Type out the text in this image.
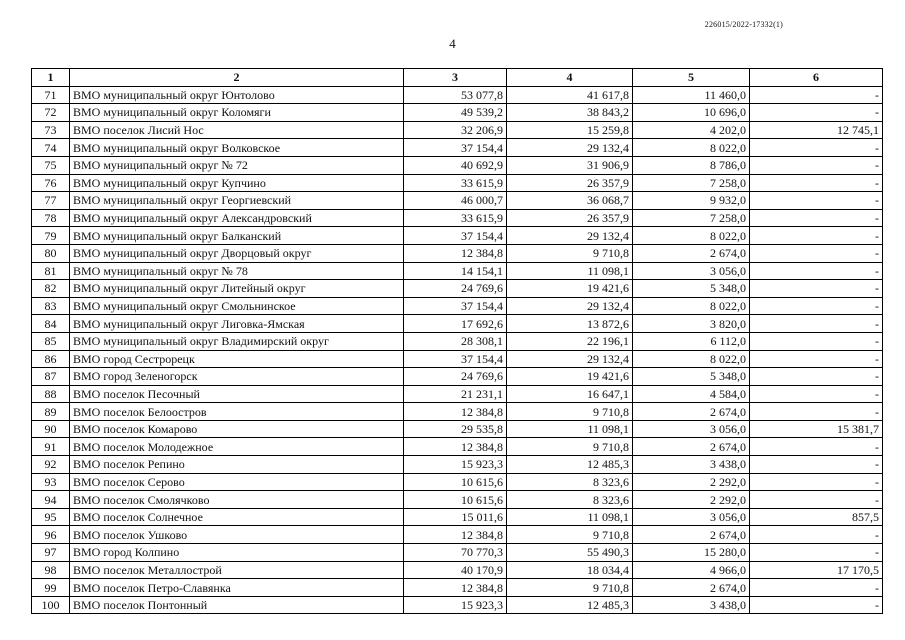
226015/2022-17332(1)
4
1	2	3	4	5	6
71	ВМО муниципальный округ Юнтолово	53 077,8	41 617,8	11 460,0	-
72	ВМО муниципальный округ Коломяги	49 539,2	38 843,2	10 696,0	-
73	ВМО поселок Лисий Нос	32 206,9	15 259,8	4 202,0	12 745,1
74	ВМО муниципальный округ Волковское	37 154,4	29 132,4	8 022,0	-
75	ВМО муниципальный округ № 72	40 692,9	31 906,9	8 786,0	-
76	ВМО муниципальный округ Купчино	33 615,9	26 357,9	7 258,0	-
77	ВМО муниципальный округ Георгиевский	46 000,7	36 068,7	9 932,0	-
78	ВМО муниципальный округ Александровский	33 615,9	26 357,9	7 258,0	-
79	ВМО муниципальный округ Балканский	37 154,4	29 132,4	8 022,0	-
80	ВМО муниципальный округ Дворцовый округ	12 384,8	9 710,8	2 674,0	-
81	ВМО муниципальный округ № 78	14 154,1	11 098,1	3 056,0	-
82	ВМО муниципальный округ Литейный округ	24 769,6	19 421,6	5 348,0	-
83	ВМО муниципальный округ Смольнинское	37 154,4	29 132,4	8 022,0	-
84	ВМО муниципальный округ Лиговка-Ямская	17 692,6	13 872,6	3 820,0	-
85	ВМО муниципальный округ Владимирский округ	28 308,1	22 196,1	6 112,0	-
86	ВМО город Сестрорецк	37 154,4	29 132,4	8 022,0	-
87	ВМО город Зеленогорск	24 769,6	19 421,6	5 348,0	-
88	ВМО поселок Песочный	21 231,1	16 647,1	4 584,0	-
89	ВМО поселок Белоостров	12 384,8	9 710,8	2 674,0	-
90	ВМО поселок Комарово	29 535,8	11 098,1	3 056,0	15 381,7
91	ВМО поселок Молодежное	12 384,8	9 710,8	2 674,0	-
92	ВМО поселок Репино	15 923,3	12 485,3	3 438,0	-
93	ВМО поселок Серово	10 615,6	8 323,6	2 292,0	-
94	ВМО поселок Смолячково	10 615,6	8 323,6	2 292,0	-
95	ВМО поселок Солнечное	15 011,6	11 098,1	3 056,0	857,5
96	ВМО поселок Ушково	12 384,8	9 710,8	2 674,0	-
97	ВМО город Колпино	70 770,3	55 490,3	15 280,0	-
98	ВМО поселок Металлострой	40 170,9	18 034,4	4 966,0	17 170,5
99	ВМО поселок Петро-Славянка	12 384,8	9 710,8	2 674,0	-
100	ВМО поселок Понтонный	15 923,3	12 485,3	3 438,0	-
